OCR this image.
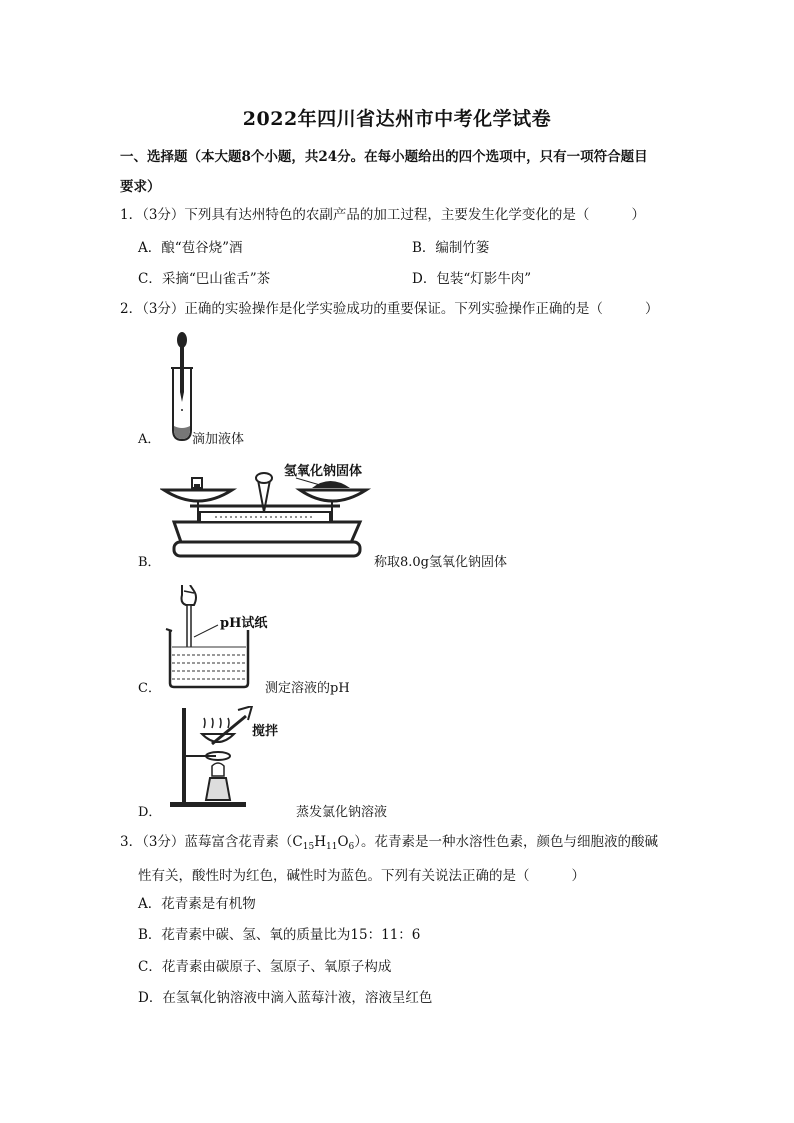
2022年四川省达州市中考化学试卷
一、选择题（本大题8个小题，共24分。在每小题给出的四个选项中，只有一项符合题目
要求）
1．（3分）下列具有达州特色的农副产品的加工过程，主要发生化学变化的是（	）
A．酿“苞谷烧”酒	B．编制竹篓
C．采摘“巴山雀舌”茶	D．包装“灯影牛肉”
2．（3分）正确的实验操作是化学实验成功的重要保证。下列实验操作正确的是（	）
A． 滴加液体
氢氧化钠固体
B．	称取8.0g氢氧化钠固体
pH试纸
C．	测定溶液的pH
搅拌
D．	蒸发氯化钠溶液
3．（3分）蓝莓富含花青素$(C_{15}H_{11}O_6)$。花青素是一种水溶性色素，颜色与细胞液的酸碱
性有关，酸性时为红色，碱性时为蓝色。下列有关说法正确的是（	）
A．花青素是有机物
B．花青素中碳、氢、氧的质量比为15：11：6
C．花青素由碳原子、氢原子、氧原子构成
D．在氢氧化钠溶液中滴入蓝莓汁液，溶液呈红色
